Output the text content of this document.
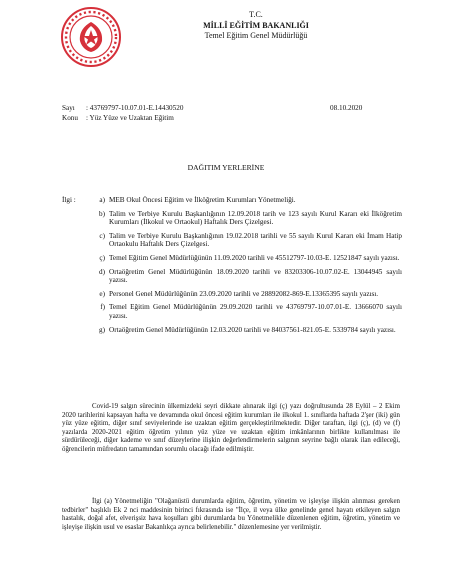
T.C.
MİLLÎ EĞİTİM BAKANLIĞI
Temel Eğitim Genel Müdürlüğü
Sayı : 43769797-10.07.01-E.14430520
Konu : Yüz Yüze ve Uzaktan Eğitim
08.10.2020
DAĞITIM YERLERİNE
İlgi :	a) MEB Okul Öncesi Eğitim ve İlköğretim Kurumları Yönetmeliği.
b) Talim ve Terbiye Kurulu Başkanlığının 12.09.2018 tarih ve 123 sayılı Kurul Kararı eki İlköğretim Kurumları (İlkokul ve Ortaokul) Haftalık Ders Çizelgesi.
c) Talim ve Terbiye Kurulu Başkanlığının 19.02.2018 tarihli ve 55 sayılı Kurul Kararı eki İmam Hatip Ortaokulu Haftalık Ders Çizelgesi.
ç) Temel Eğitim Genel Müdürlüğünün 11.09.2020 tarihli ve 45512797-10.03-E. 12521847 sayılı yazısı.
d) Ortaöğretim Genel Müdürlüğünün 18.09.2020 tarihli ve 83203306-10.07.02-E. 13044945 sayılı yazısı.
e) Personel Genel Müdürlüğünün 23.09.2020 tarihli ve 28892082-869-E.13365395 sayılı yazısı.
f) Temel Eğitim Genel Müdürlüğünün 29.09.2020 tarihli ve 43769797-10.07.01-E. 13666070 sayılı yazısı.
g) Ortaöğretim Genel Müdürlüğünün 12.03.2020 tarihli ve 84037561-821.05-E. 5339784 sayılı yazısı.

Covid-19 salgın sürecinin ülkemizdeki seyri dikkate alınarak ilgi (ç) yazı doğrultusunda 28 Eylül – 2 Ekim 2020 tarihlerini kapsayan hafta ve devamında okul öncesi eğitim kurumları ile ilkokul 1. sınıflarda haftada 2'şer (iki) gün yüz yüze eğitim, diğer sınıf seviyelerinde ise uzaktan eğitim gerçekleştirilmektedir. Diğer taraftan, ilgi (ç), (d) ve (f) yazılarda 2020-2021 eğitim öğretim yılının yüz yüze ve uzaktan eğitim imkânlarının birlikte kullanılması ile sürdürüleceği, diğer kademe ve sınıf düzeylerine ilişkin değerlendirmelerin salgının seyrine bağlı olarak ilan edileceği, öğrencilerin müfredatın tamamından sorumlu olacağı ifade edilmiştir.

İlgi (a) Yönetmeliğin "Olağanüstü durumlarda eğitim, öğretim, yönetim ve işleyişe ilişkin alınması gereken tedbirler" başlıklı Ek 2 nci maddesinin birinci fıkrasında ise "İlçe, il veya ülke genelinde genel hayatı etkileyen salgın hastalık, doğal afet, elverişsiz hava koşulları gibi durumlarda bu Yönetmelikle düzenlenen eğitim, öğretim, yönetim ve işleyişe ilişkin usul ve esaslar Bakanlıkça ayrıca belirlenebilir." düzenlemesine yer verilmiştir.
